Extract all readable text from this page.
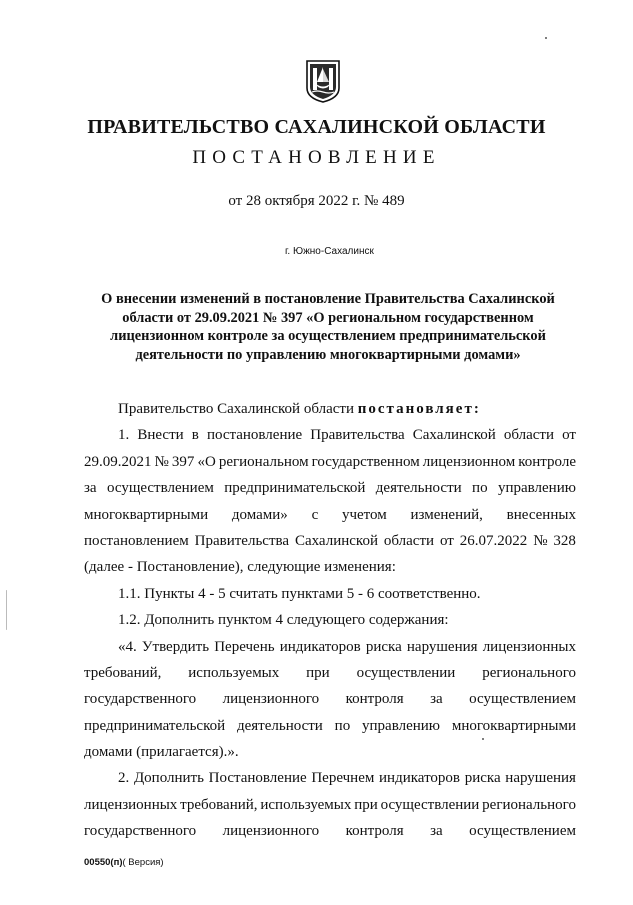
ПРАВИТЕЛЬСТВО САХАЛИНСКОЙ ОБЛАСТИ
ПОСТАНОВЛЕНИЕ
от 28 октября 2022 г. № 489
г. Южно-Сахалинск
О внесении изменений в постановление Правительства Сахалинской
области от 29.09.2021 № 397 «О региональном государственном
лицензионном контроле за осуществлением предпринимательской
деятельности по управлению многоквартирными домами»
Правительство Сахалинской области постановляет:
1. Внести в постановление Правительства Сахалинской области от
29.09.2021 № 397 «О региональном государственном лицензионном контроле
за осуществлением предпринимательской деятельности по управлению
многоквартирными домами» с учетом изменений, внесенных
постановлением Правительства Сахалинской области от 26.07.2022 № 328
(далее - Постановление), следующие изменения:
1.1. Пункты 4 - 5 считать пунктами 5 - 6 соответственно.
1.2. Дополнить пунктом 4 следующего содержания:
«4. Утвердить Перечень индикаторов риска нарушения лицензионных
требований, используемых при осуществлении регионального
государственного лицензионного контроля за осуществлением
предпринимательской деятельности по управлению многоквартирными
домами (прилагается).».
2. Дополнить Постановление Перечнем индикаторов риска нарушения
лицензионных требований, используемых при осуществлении регионального
государственного лицензионного контроля за осуществлением
00550(п)( Версия)
